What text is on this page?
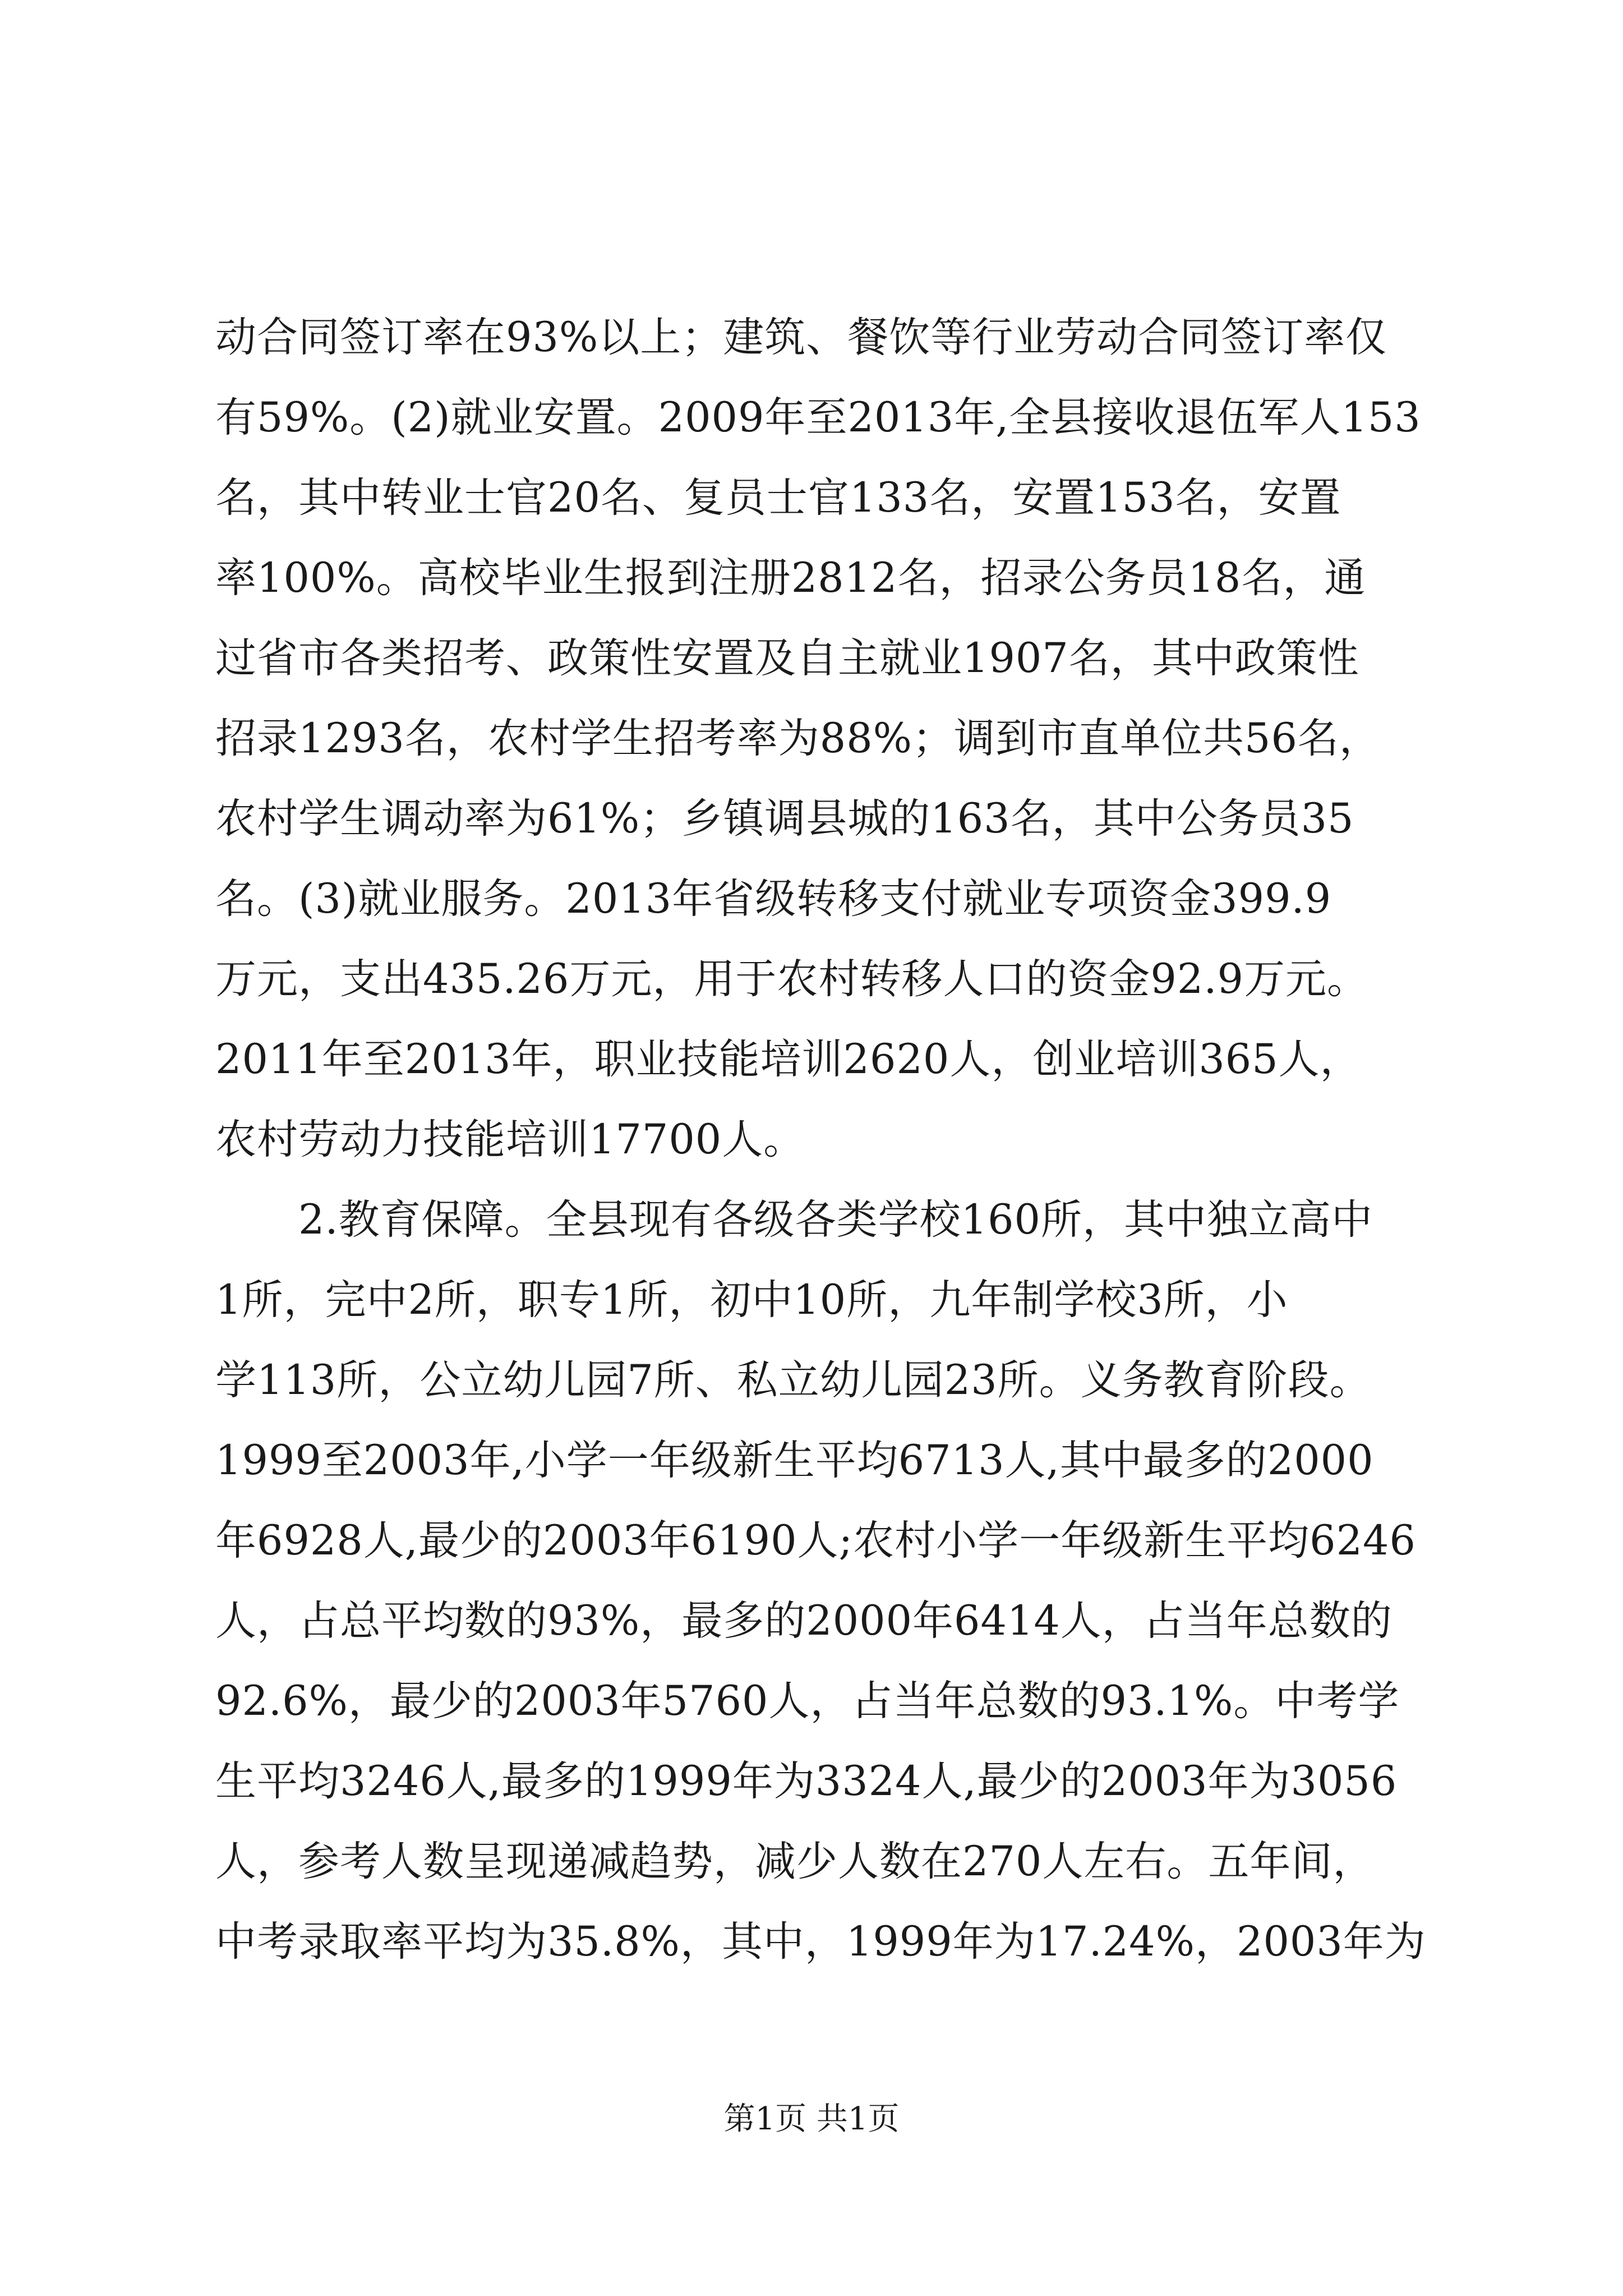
动合同签订率在93%以上；建筑、餐饮等行业劳动合同签订率仅
有59%。(2)就业安置。2009年至2013年,全县接收退伍军人153
名，其中转业士官20名、复员士官133名，安置153名，安置
率100%。高校毕业生报到注册2812名，招录公务员18名，通
过省市各类招考、政策性安置及自主就业1907名，其中政策性
招录1293名，农村学生招考率为88%；调到市直单位共56名，
农村学生调动率为61%；乡镇调县城的163名，其中公务员35
名。(3)就业服务。2013年省级转移支付就业专项资金399.9
万元，支出435.26万元，用于农村转移人口的资金92.9万元。
2011年至2013年，职业技能培训2620人，创业培训365人，
农村劳动力技能培训17700人。
2.教育保障。全县现有各级各类学校160所，其中独立高中
1所，完中2所，职专1所，初中10所，九年制学校3所，小
学113所，公立幼儿园7所、私立幼儿园23所。义务教育阶段。
1999至2003年,小学一年级新生平均6713人,其中最多的2000
年6928人,最少的2003年6190人;农村小学一年级新生平均6246
人，占总平均数的93%，最多的2000年6414人，占当年总数的
92.6%，最少的2003年5760人，占当年总数的93.1%。中考学
生平均3246人,最多的1999年为3324人,最少的2003年为3056
人，参考人数呈现递减趋势，减少人数在270人左右。五年间，
中考录取率平均为35.8%，其中，1999年为17.24%，2003年为
第1页 共1页
